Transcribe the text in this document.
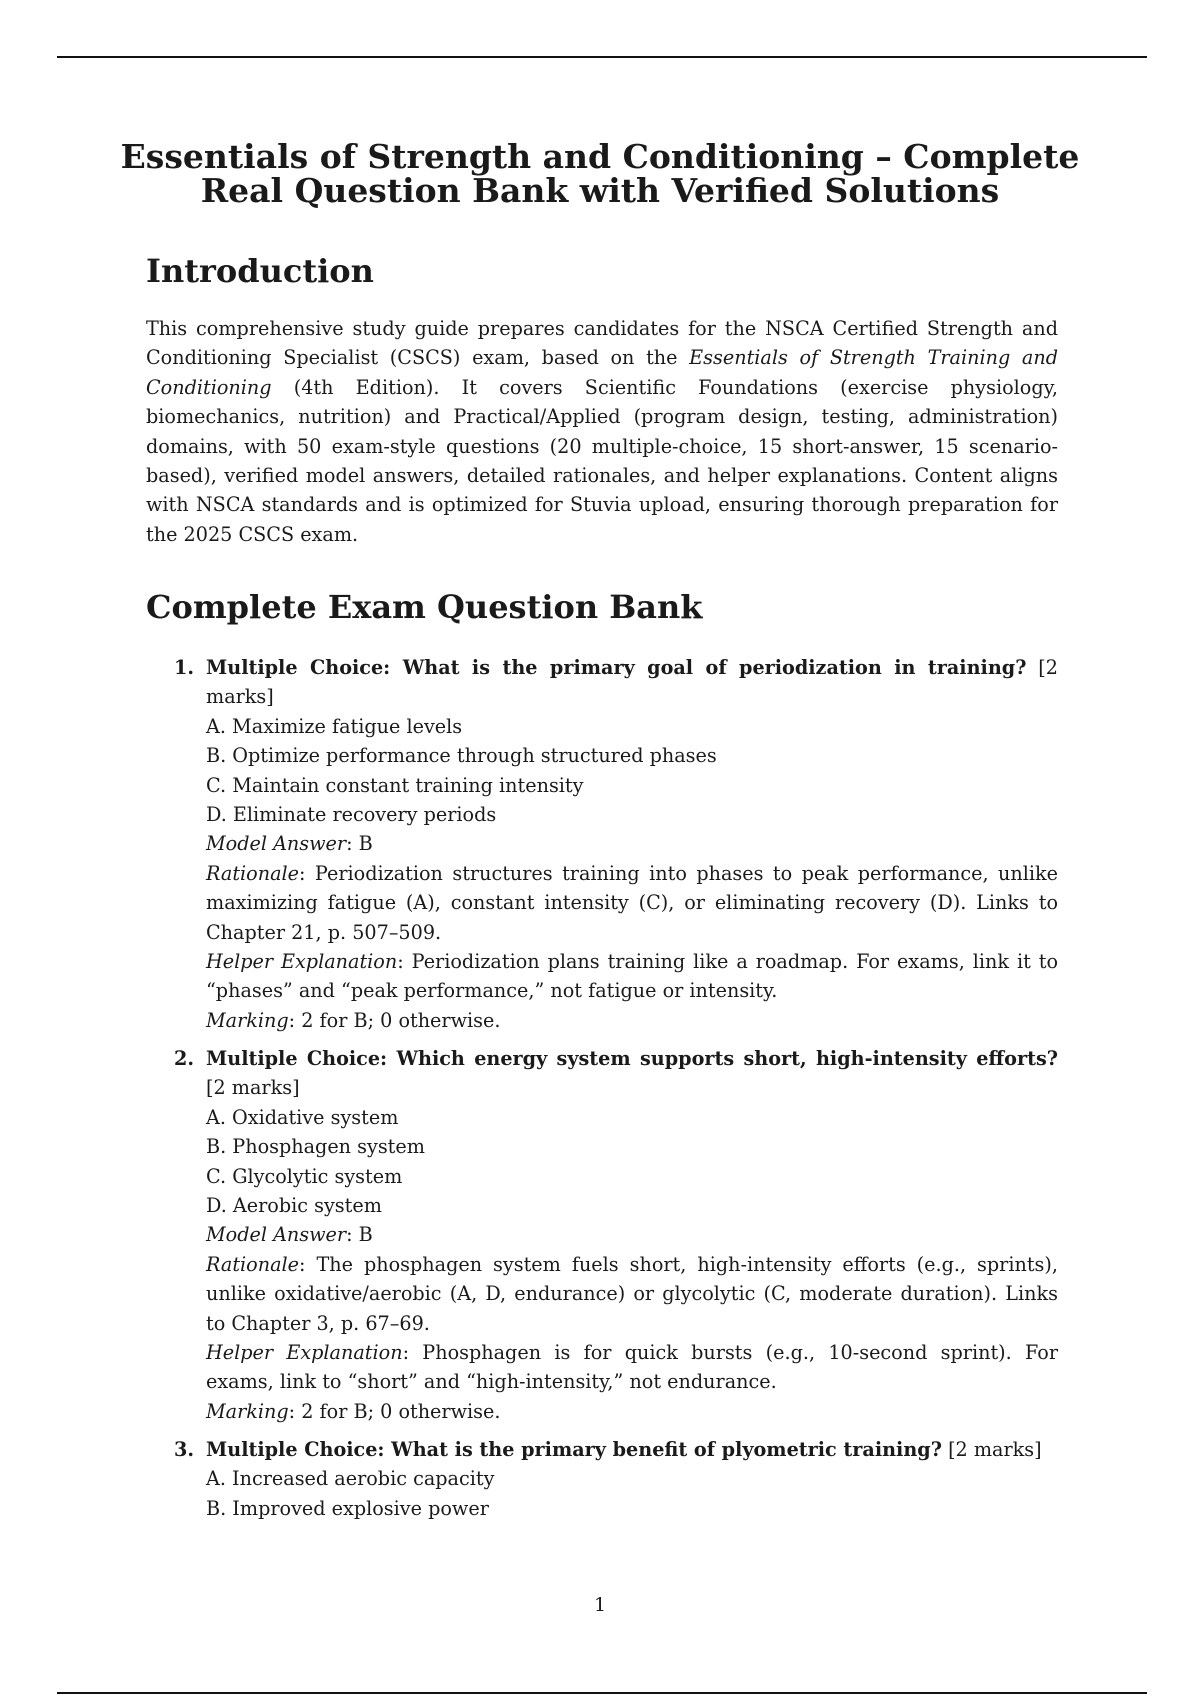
Essentials of Strength and Conditioning – Complete
Real Question Bank with Verified Solutions
Introduction

This comprehensive study guide prepares candidates for the NSCA Certified Strength and Conditioning Specialist (CSCS) exam, based on the Essentials of Strength Training and Conditioning (4th Edition). It covers Scientific Foundations (exercise physiology, biomechanics, nutrition) and Practical/Applied (program design, testing, administration) domains, with 50 exam-style questions (20 multiple-choice, 15 short-answer, 15 scenario-based), verified model answers, detailed rationales, and helper explanations. Content aligns with NSCA standards and is optimized for Stuvia upload, ensuring thorough preparation for the 2025 CSCS exam.

Complete Exam Question Bank
1. Multiple Choice: What is the primary goal of periodization in training? [2 marks]
A. Maximize fatigue levels
B. Optimize performance through structured phases
C. Maintain constant training intensity
D. Eliminate recovery periods
Model Answer: B
Rationale: Periodization structures training into phases to peak performance, unlike maximizing fatigue (A), constant intensity (C), or eliminating recovery (D). Links to Chapter 21, p. 507–509.
Helper Explanation: Periodization plans training like a roadmap. For exams, link it to “phases” and “peak performance,” not fatigue or intensity.
Marking: 2 for B; 0 otherwise.
2. Multiple Choice: Which energy system supports short, high-intensity efforts? [2 marks]
A. Oxidative system
B. Phosphagen system
C. Glycolytic system
D. Aerobic system
Model Answer: B
Rationale: The phosphagen system fuels short, high-intensity efforts (e.g., sprints), unlike oxidative/aerobic (A, D, endurance) or glycolytic (C, moderate duration). Links to Chapter 3, p. 67–69.
Helper Explanation: Phosphagen is for quick bursts (e.g., 10-second sprint). For exams, link to “short” and “high-intensity,” not endurance.
Marking: 2 for B; 0 otherwise.
3. Multiple Choice: What is the primary benefit of plyometric training? [2 marks]
A. Increased aerobic capacity
B. Improved explosive power
1
